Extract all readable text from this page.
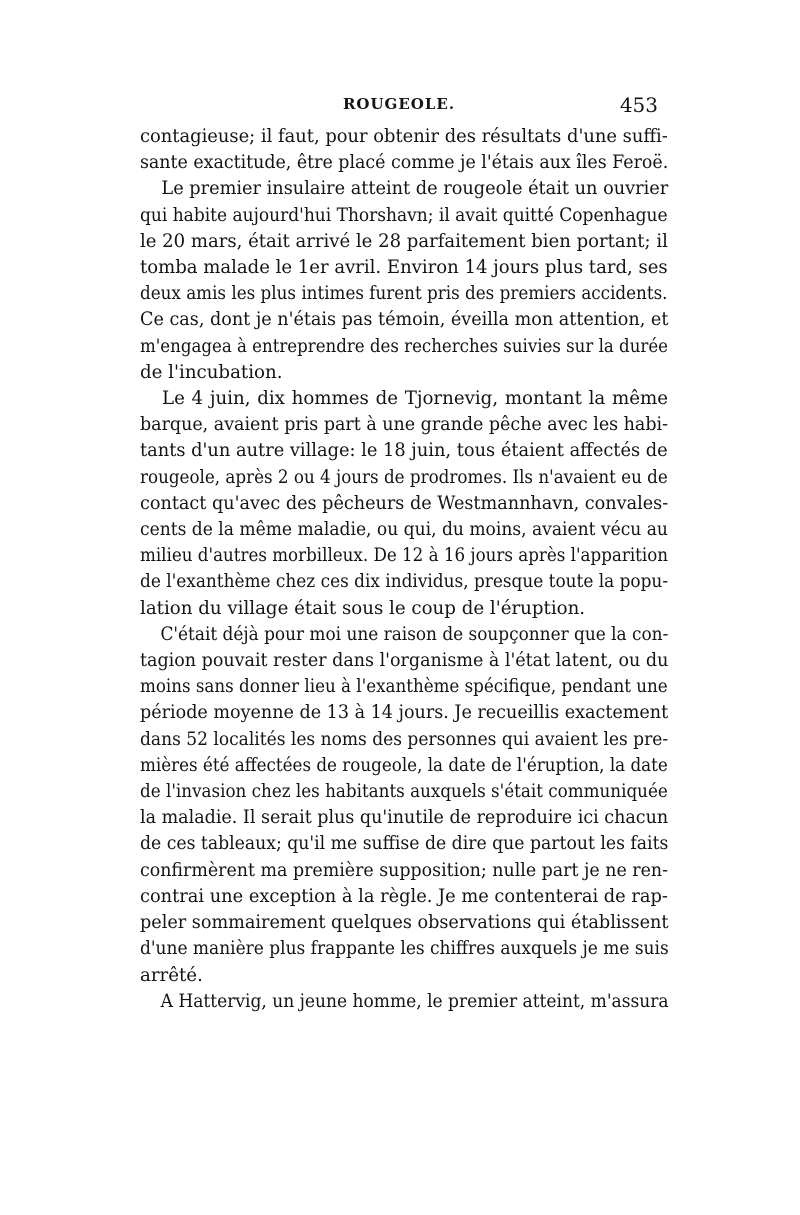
ROUGEOLE.	453
contagieuse; il faut, pour obtenir des résultats d'une suffi-
sante exactitude, être placé comme je l'étais aux îles Feroë.
Le premier insulaire atteint de rougeole était un ouvrier
qui habite aujourd'hui Thorshavn; il avait quitté Copenhague
le 20 mars, était arrivé le 28 parfaitement bien portant; il
tomba malade le 1er avril. Environ 14 jours plus tard, ses
deux amis les plus intimes furent pris des premiers accidents.
Ce cas, dont je n'étais pas témoin, éveilla mon attention, et
m'engagea à entreprendre des recherches suivies sur la durée
de l'incubation.
Le 4 juin, dix hommes de Tjornevig, montant la même
barque, avaient pris part à une grande pêche avec les habi-
tants d'un autre village: le 18 juin, tous étaient affectés de
rougeole, après 2 ou 4 jours de prodromes. Ils n'avaient eu de
contact qu'avec des pêcheurs de Westmannhavn, convales-
cents de la même maladie, ou qui, du moins, avaient vécu au
milieu d'autres morbilleux. De 12 à 16 jours après l'apparition
de l'exanthème chez ces dix individus, presque toute la popu-
lation du village était sous le coup de l'éruption.
C'était déjà pour moi une raison de soupçonner que la con-
tagion pouvait rester dans l'organisme à l'état latent, ou du
moins sans donner lieu à l'exanthème spécifique, pendant une
période moyenne de 13 à 14 jours. Je recueillis exactement
dans 52 localités les noms des personnes qui avaient les pre-
mières été affectées de rougeole, la date de l'éruption, la date
de l'invasion chez les habitants auxquels s'était communiquée
la maladie. Il serait plus qu'inutile de reproduire ici chacun
de ces tableaux; qu'il me suffise de dire que partout les faits
confirmèrent ma première supposition; nulle part je ne ren-
contrai une exception à la règle. Je me contenterai de rap-
peler sommairement quelques observations qui établissent
d'une manière plus frappante les chiffres auxquels je me suis
arrêté.
A Hattervig, un jeune homme, le premier atteint, m'assura
